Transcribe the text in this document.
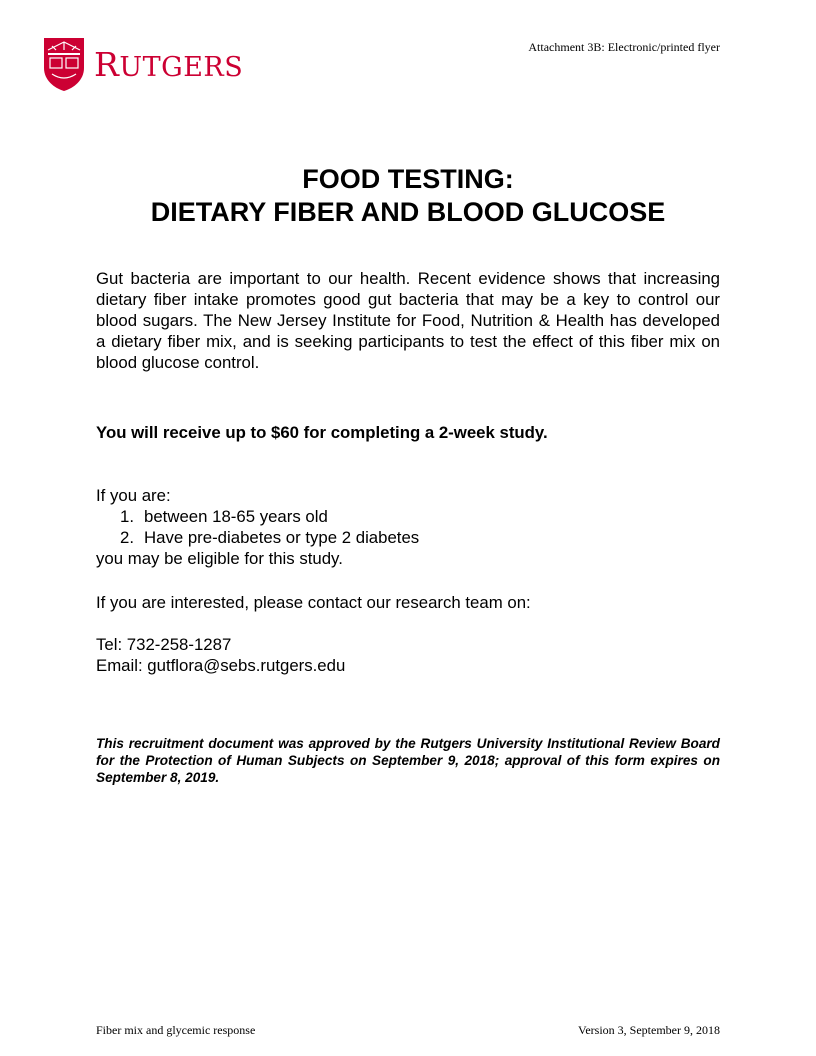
RUTGERS
Attachment 3B: Electronic/printed flyer
FOOD TESTING:
DIETARY FIBER AND BLOOD GLUCOSE
Gut bacteria are important to our health. Recent evidence shows that increasing dietary fiber intake promotes good gut bacteria that may be a key to control our blood sugars. The New Jersey Institute for Food, Nutrition & Health has developed a dietary fiber mix, and is seeking participants to test the effect of this fiber mix on blood glucose control.
You will receive up to $60 for completing a 2-week study.
If you are:
1. between 18-65 years old
2. Have pre-diabetes or type 2 diabetes
you may be eligible for this study.
If you are interested, please contact our research team on:
Tel: 732-258-1287
Email: gutflora@sebs.rutgers.edu
This recruitment document was approved by the Rutgers University Institutional Review Board for the Protection of Human Subjects on September 9, 2018; approval of this form expires on September 8, 2019.
Fiber mix and glycemic response	Version 3, September 9, 2018
